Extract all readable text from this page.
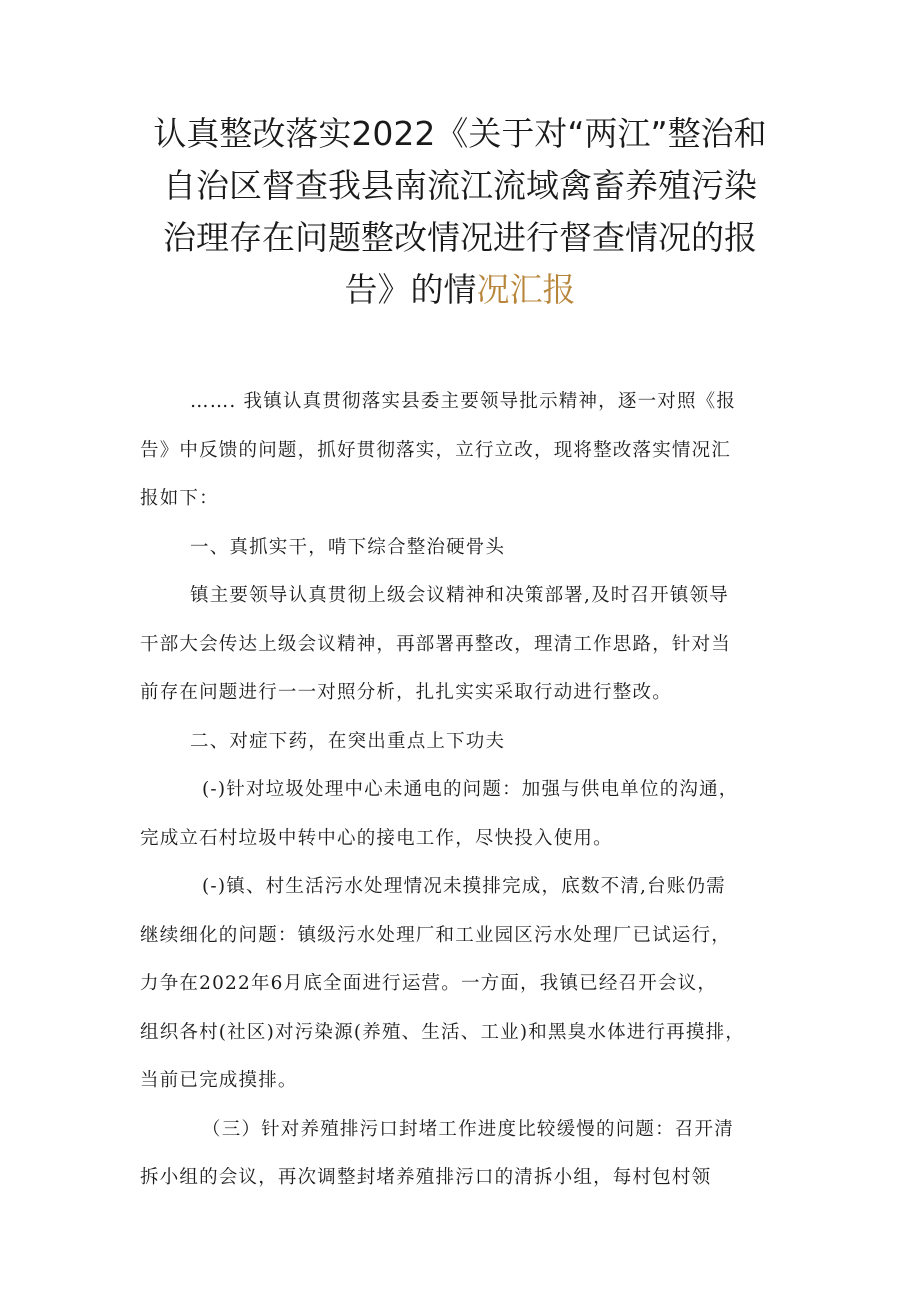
认真整改落实2022《关于对“两江”整治和
自治区督查我县南流江流域禽畜养殖污染
治理存在问题整改情况进行督查情况的报
告》的情况汇报
……. 我镇认真贯彻落实县委主要领导批示精神，逐一对照《报
告》中反馈的问题，抓好贯彻落实，立行立改，现将整改落实情况汇
报如下：
一、真抓实干，啃下综合整治硬骨头
镇主要领导认真贯彻上级会议精神和决策部署,及时召开镇领导
干部大会传达上级会议精神，再部署再整改，理清工作思路，针对当
前存在问题进行一一对照分析，扎扎实实采取行动进行整改。
二、对症下药，在突出重点上下功夫
(-)针对垃圾处理中心未通电的问题：加强与供电单位的沟通，
完成立石村垃圾中转中心的接电工作，尽快投入使用。
(-)镇、村生活污水处理情况未摸排完成，底数不清,台账仍需
继续细化的问题：镇级污水处理厂和工业园区污水处理厂已试运行，
力争在2022年6月底全面进行运营。一方面，我镇已经召开会议，
组织各村(社区)对污染源(养殖、生活、工业)和黑臭水体进行再摸排，
当前已完成摸排。
（三）针对养殖排污口封堵工作进度比较缓慢的问题：召开清
拆小组的会议，再次调整封堵养殖排污口的清拆小组，每村包村领
